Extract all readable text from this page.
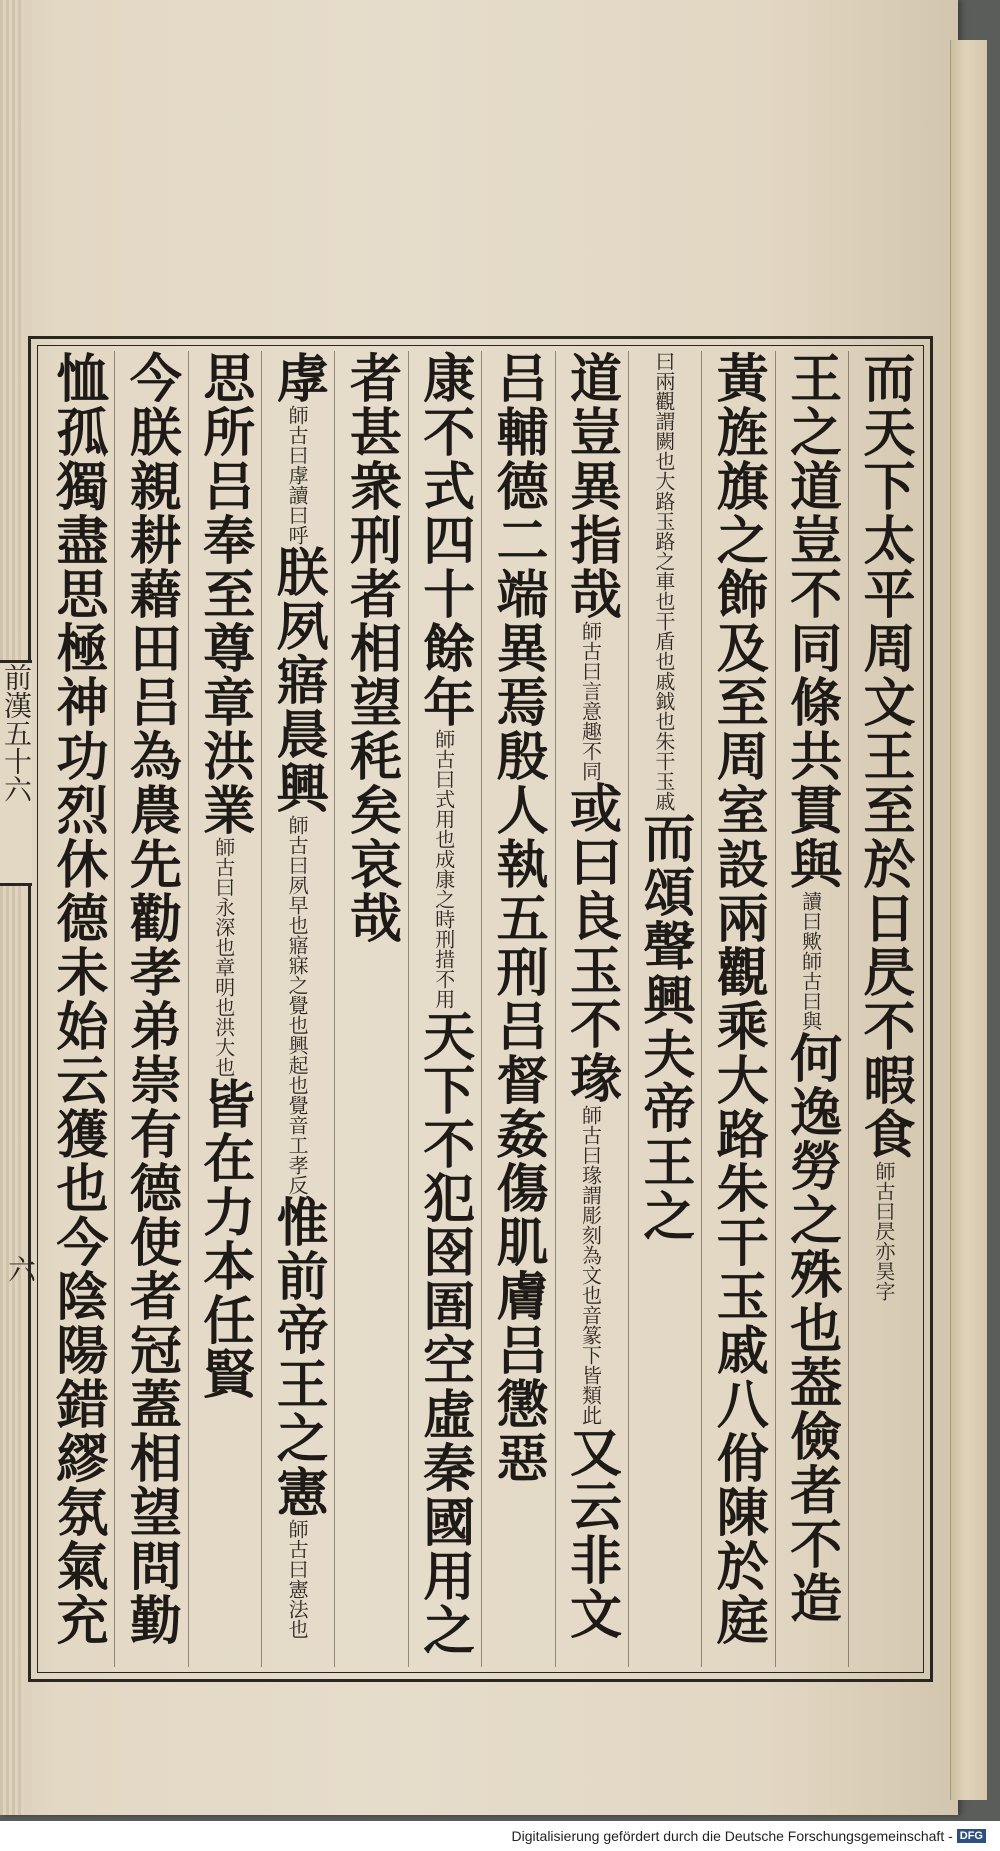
而天下太平周文王至於日昃不暇食師古曰昃亦昊字
王之道豈不同條共貫與讀曰歟師古曰與何逸勞之殊也葢儉者不造
黃旌旗之飾及至周室設兩觀乘大路朱干玉戚八佾陳於庭
曰兩觀謂闕也大路玉路之車也干盾也戚鉞也朱干玉戚而頌聲興夫帝王之
道豈異指哉師古曰言意趣不同或曰良玉不瑑師古曰瑑謂彫刻為文也音篆下皆類此又云非文
吕輔德二端異焉殷人執五刑吕督姦傷肌膚吕懲惡
康不式四十餘年師古曰式用也成康之時刑措不用天下不犯囹圄空虛秦國用之
者甚衆刑者相望秏矣哀哉
虖師古曰虖讀曰呼朕夙寤晨興師古曰夙早也寤寐之覺也興起也覺音工孝反惟前帝王之憲師古曰憲法也
思所吕奉至尊章洪業師古曰永深也章明也洪大也皆在力本任賢
今朕親耕藉田吕為農先勸孝弟崇有德使者冠蓋相望問勤
恤孤獨盡思極神功烈休德未始云獲也今陰陽錯繆氛氣充
前漢五十六
六
Digitalisierung gefördert durch die Deutsche Forschungsgemeinschaft - DFG
